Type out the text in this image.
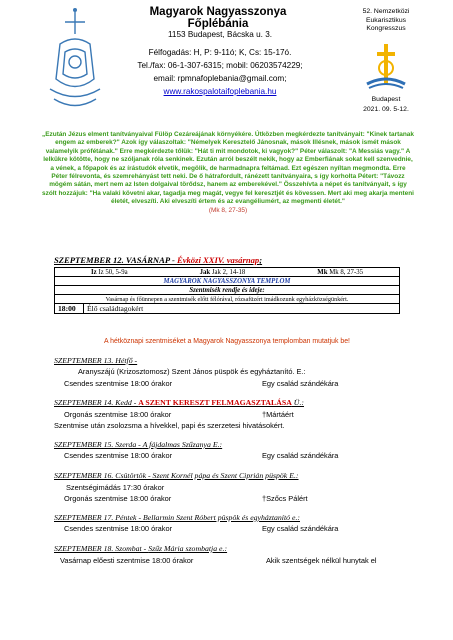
Magyarok Nagyasszonya Főplébánia
1153 Budapest, Bácska u. 3.
Félfogadás: H, P: 9-11ó; K, Cs: 15-17ó.
Tel./fax: 06-1-307-6315; mobil: 06203574229;
email: rpmnafoplebania@gmail.com;
www.rakospalotaifoplebania.hu
52. Nemzetközi
Eukarisztikus
Kongresszus
Budapest
2021. 09. 5-12.
„Ezután Jézus elment tanítványaival Fülöp Cezáreájának környékére. Útközben megkérdezte tanítványait: "Kinek tartanak engem az emberek?" Azok így válaszoltak: "Némelyek Keresztelő Jánosnak, mások Illésnek, mások ismét mások valamelyik prófétának." Erre megkérdezte tőlük: "Hát ti mit mondotok, ki vagyok?" Péter válaszolt: "A Messiás vagy." A lelkükre kötötte, hogy ne szóljanak róla senkinek. Ezután arról beszélt nekik, hogy az Emberfiának sokat kell szenvednie, a vének, a főpapok és az írástudók elvetik, megölik, de harmadnapra feltámad. Ezt egészen nyíltan megmondta. Erre Péter félrevonta, és szemrehányást tett neki. De ő hátrafordult, ránézett tanítványaira, s így korholta Pétert: "Távozz mögém sátán, mert nem az Isten dolgaival törődsz, hanem az emberekével." Összehívta a népet és tanítványait, s így szólt hozzájuk: "Ha valaki követni akar, tagadja meg magát, vegye fel keresztjét és kövessen. Mert aki meg akarja menteni életét, elveszíti. Aki elveszíti értem és az evangéliumért, az megmenti életét."
(Mk 8, 27-35)
SZEPTEMBER 12. VASÁRNAP - Évközi XXIV. vasárnap;
Iz Iz 50, 5-9a	Jak Jak 2, 14-18	Mk Mk 8, 27-35

MAGYAROK NAGYASSZONYA TEMPLOM
Szentmisék rendje és ideje:
Vasárnap és főünnepen a szentmisék előtt félórával, rózsafüzért imádkozunk egyházközségünkért.
18:00	Élő családtagokért
A hétköznapi szentmiséket a Magyarok Nagyasszonya templomban mutatjuk be!
SZEPTEMBER 13. Hétfő -
Aranyszájú (Krizosztomosz) Szent János püspök és egyháztanító. E.:
Csendes szentmise 18:00 órakor	Egy család szándékára
SZEPTEMBER 14. Kedd - A SZENT KERESZT FELMAGASZTALÁSA Ü.:
Orgonás szentmise 18:00 órakor	†Mártáért
Szentmise után zsolozsma a hívekkel, papi és szerzetesi hivatásokért.
SZEPTEMBER 15. Szerda - A fájdalmas Szűzanya E.:
Csendes szentmise 18:00 órakor	Egy család szándékára
SZEPTEMBER 16. Csütörtök - Szent Kornél pápa és Szent Ciprián püspök E.:
Szentségimádás 17:30 órakor
Orgonás szentmise 18:00 órakor	†Szőcs Pálért
SZEPTEMBER 17. Péntek - Bellarmin Szent Róbert püspök és egyháztanító e.:
Csendes szentmise 18:00 órakor	Egy család szándékára
SZEPTEMBER 18. Szombat - Szűz Mária szombatja e.:
Vasárnap előesti szentmise 18:00 órakor	Akik szentségek nélkül hunytak el
